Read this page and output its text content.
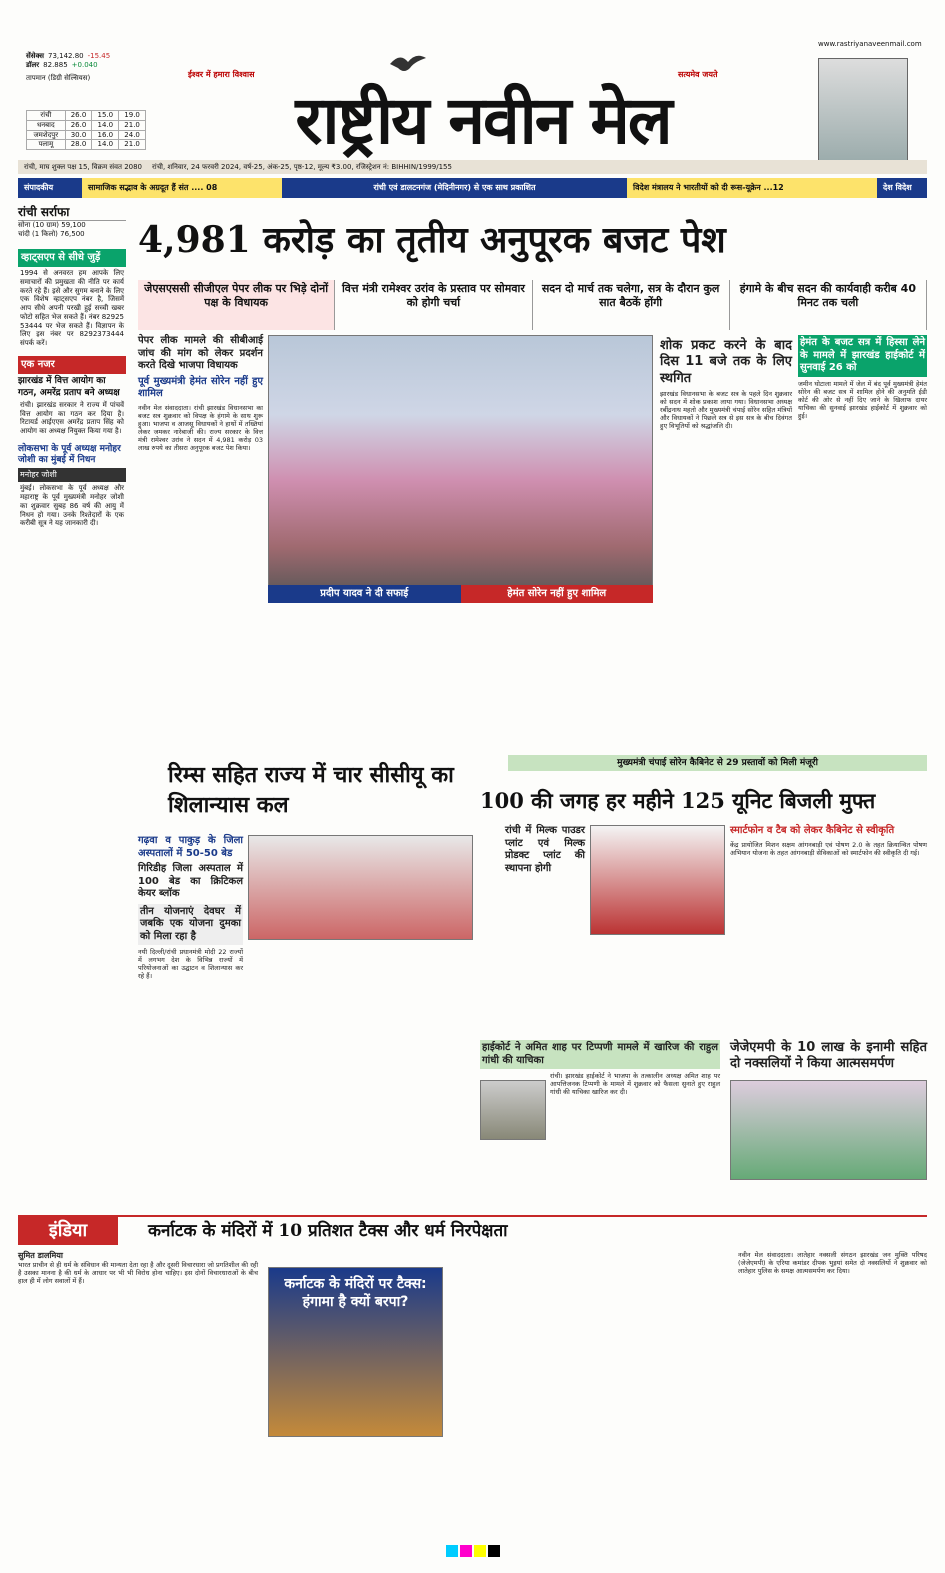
सेंसेक्स 73,142.80 -15.45
डॉलर 82.885 +0.040
तापमान (डिग्री सेल्सियस)
रांची	26.0	15.0	19.0
धनबाद	26.0	14.0	21.0
जमशेदपुर	30.0	16.0	24.0
पलामू	28.0	14.0	21.0
ईश्वर में हमारा विश्वास	सत्यमेव जयते
राष्ट्रीय नवीन मेल
www.rastriyanaveenmail.com
रांची, माघ शुक्ल पक्ष 15, विक्रम संवत 2080 रांची, शनिवार, 24 फरवरी 2024, वर्ष-25, अंक-25, पृष्ठ-12, मूल्य ₹3.00, रजिस्ट्रेशन नं: BIHHIN/1999/155
संपादकीय	सामाजिक सद्भाव के अग्रदूत हैं संत .... 08	रांची एवं डालटनगंज (मेदिनीनगर) से एक साथ प्रकाशित	विदेश मंत्रालय ने भारतीयों को दी रूस-यूक्रेन ...12	देश विदेश
रांची सर्राफा
सोना (10 ग्राम) 59,100
चांदी (1 किलो) 76,500
व्हाट्सएप से सीधे जुड़ें
1994 से अनवरत हम आपके लिए समाचारों की प्रमुखता की नीति पर कार्य करते रहे हैं। इसे और सुगम बनाने के लिए एक विशेष व्हाट्सएप नंबर है, जिसमें आप सीधे अपनी परखी हुई सच्ची खबर फोटो सहित भेज सकते हैं। नंबर 82925 53444 पर भेज सकते हैं। विज्ञापन के लिए इस नंबर पर 8292373444 संपर्क करें।
एक नजर
झारखंड में वित्त आयोग का गठन, अमरेंद्र प्रताप बने अध्यक्ष
रांची। झारखंड सरकार ने राज्य में पांचवें वित्त आयोग का गठन कर दिया है। रिटायर्ड आईएएस अमरेंद्र प्रताप सिंह को आयोग का अध्यक्ष नियुक्त किया गया है।
लोकसभा के पूर्व अध्यक्ष मनोहर जोशी का मुंबई में निधन
मनोहर जोशी
मुंबई। लोकसभा के पूर्व अध्यक्ष और महाराष्ट्र के पूर्व मुख्यमंत्री मनोहर जोशी का शुक्रवार सुबह 86 वर्ष की आयु में निधन हो गया। उनके रिश्तेदारों के एक करीबी सूत्र ने यह जानकारी दी।
4,981 करोड़ का तृतीय अनुपूरक बजट पेश
जेएसएससी सीजीएल पेपर लीक पर भिड़े दोनों पक्ष के विधायक
वित्त मंत्री रामेश्वर उरांव के प्रस्ताव पर सोमवार को होगी चर्चा
सदन दो मार्च तक चलेगा, सत्र के दौरान कुल सात बैठकें होंगी
हंगामे के बीच सदन की कार्यवाही करीब 40 मिनट तक चली
पेपर लीक मामले की सीबीआई जांच की मांग को लेकर प्रदर्शन करते दिखे भाजपा विधायक
पूर्व मुख्यमंत्री हेमंत सोरेन नहीं हुए शामिल

नवीन मेल संवाददाता। रांची झारखंड विधानसभा का बजट सत्र शुक्रवार को विपक्ष के हंगामे के साथ शुरू हुआ। भाजपा व आजसू विधायकों ने हाथों में तख्तियां लेकर जमकर नारेबाजी की। राज्य सरकार के वित्त मंत्री रामेश्वर उरांव ने सदन में 4,981 करोड़ 03 लाख रुपये का तीसरा अनुपूरक बजट पेश किया।

प्रदीप यादव ने दी सफाई	हेमंत सोरेन नहीं हुए शामिल
शोक प्रकट करने के बाद दिस 11 बजे तक के लिए स्थगित

झारखंड विधानसभा के बजट सत्र के पहले दिन शुक्रवार को सदन में शोक प्रकाश लाया गया। विधानसभा अध्यक्ष रबींद्रनाथ महतो और मुख्यमंत्री चंपाई सोरेन सहित मंत्रियों और विधायकों ने पिछले सत्र से इस सत्र के बीच दिवंगत हुए विभूतियों को श्रद्धांजलि दी।

हेमंत के बजट सत्र में हिस्सा लेने के मामले में झारखंड हाईकोर्ट में सुनवाई 26 को

जमीन घोटाला मामले में जेल में बंद पूर्व मुख्यमंत्री हेमंत सोरेन की बजट सत्र में शामिल होने की अनुमति ईडी कोर्ट की ओर से नहीं दिए जाने के खिलाफ दायर याचिका की सुनवाई झारखंड हाईकोर्ट में शुक्रवार को हुई।

मुख्यमंत्री चंपाई सोरेन कैबिनेट से 29 प्रस्तावों को मिली मंजूरी
रिम्स सहित राज्य में चार सीसीयू का शिलान्यास कल	100 की जगह हर महीने 125 यूनिट बिजली मुफ्त
गढ़वा व पाकुड़ के जिला अस्पतालों में 50-50 बेड
गिरिडीह जिला अस्पताल में 100 बेड का क्रिटिकल केयर ब्लॉक
तीन योजनाएं देवघर में जबकि एक योजना दुमका को मिला रहा है

नयी दिल्ली/रांची प्रधानमंत्री मोदी 22 राज्यों में लगभग देश के विभिन्न राज्यों में परियोजनाओं का उद्घाटन व शिलान्यास कर रहे हैं।

रांची में मिल्क पाउडर प्लांट एवं मिल्क प्रोडक्ट प्लांट की स्थापना होगी
स्मार्टफोन व टैब को लेकर कैबिनेट से स्वीकृति

केंद्र प्रायोजित मिशन सक्षम आंगनबाड़ी एवं पोषण 2.0 के तहत क्रियान्वित पोषण अभियान योजना के तहत आंगनबाड़ी सेविकाओं को स्मार्टफोन की स्वीकृति दी गई।

हाईकोर्ट ने अमित शाह पर टिप्पणी मामले में खारिज की राहुल गांधी की याचिका

रांची। झारखंड हाईकोर्ट ने भाजपा के तत्कालीन अध्यक्ष अमित शाह पर आपत्तिजनक टिप्पणी के मामले में शुक्रवार को फैसला सुनाते हुए राहुल गांधी की याचिका खारिज कर दी।

जेजेएमपी के 10 लाख के इनामी सहित दो नक्सलियों ने किया आत्मसमर्पण
इंडिया	कर्नाटक के मंदिरों में 10 प्रतिशत टैक्स और धर्म निरपेक्षता
सुमित डालमिया

भारत प्राचीन से ही धर्म के संविधान की मान्यता देता रहा है और दूसरी विचारधारा जो प्रगतिशील की रही है उसका मानना है की धर्म के आधार पर भी भी विरोध होना चाहिए। इस दोनों विचारधाराओं के बीच हाल ही में लोग सवालों में हैं।	कर्नाटक के मंदिरों पर टैक्स: हंगामा है क्यों बरपा?

नवीन मेल संवाददाता। लातेहार नक्सली संगठन झारखंड जन मुक्ति परिषद (जेजेएमपी) के एरिया कमांडर दीपक भुइयां समेत दो नक्सलियों ने शुक्रवार को लातेहार पुलिस के समक्ष आत्मसमर्पण कर दिया।
